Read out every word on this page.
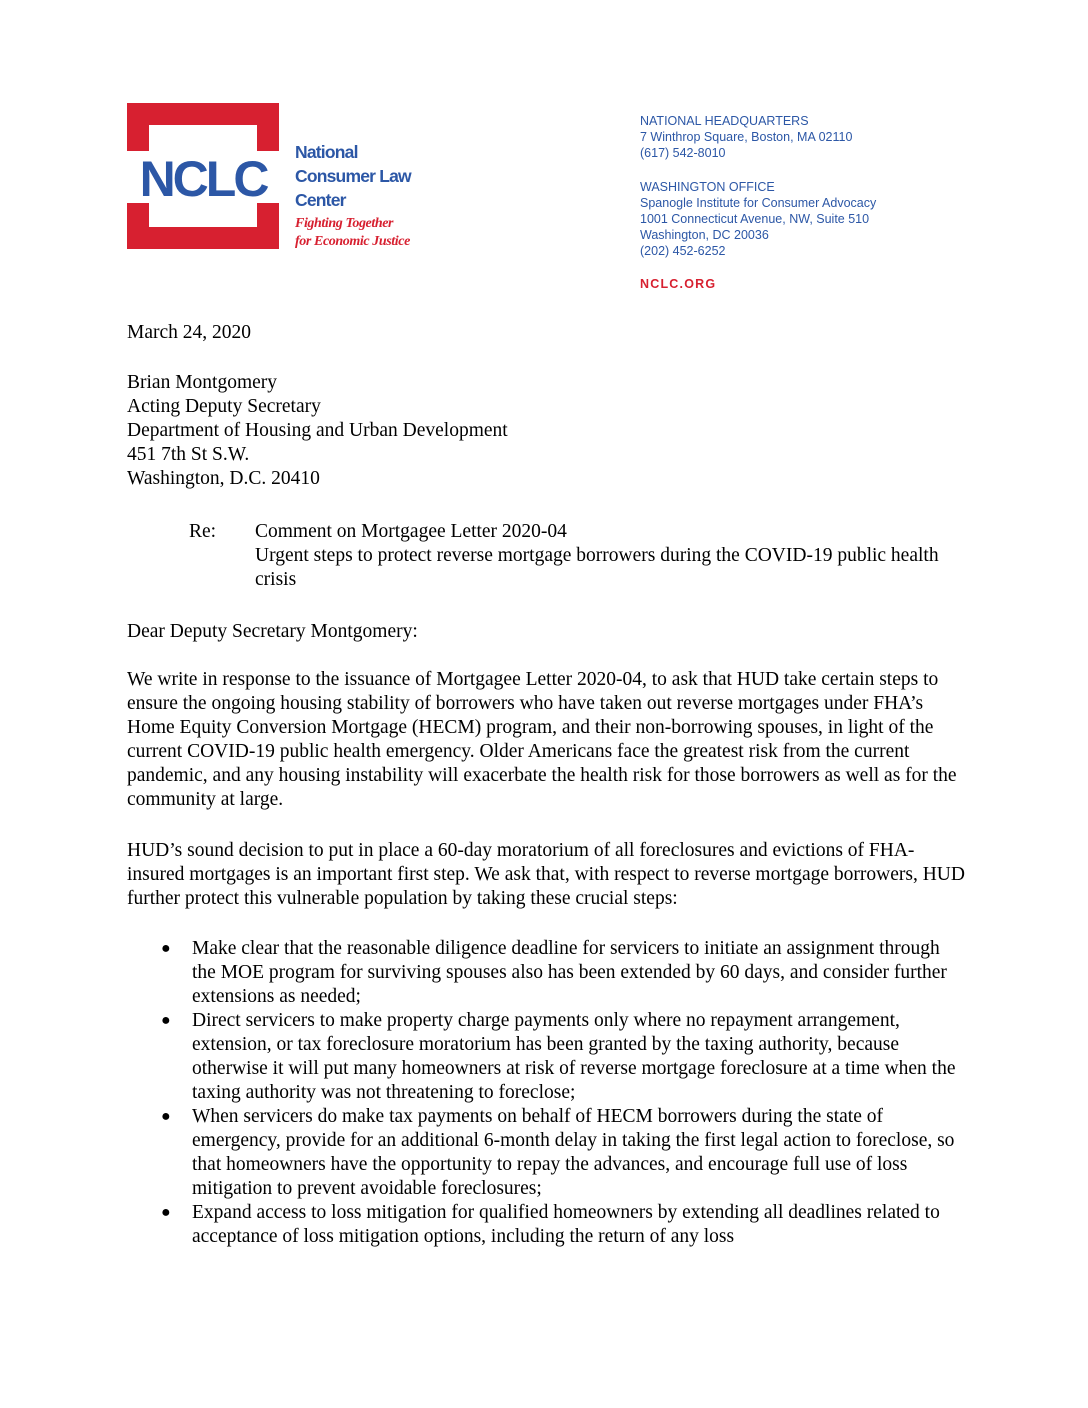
NCLC National
Consumer Law
Center
Fighting Together
for Economic Justice
NATIONAL HEADQUARTERS
7 Winthrop Square, Boston, MA 02110
(617) 542-8010
WASHINGTON OFFICE
Spanogle Institute for Consumer Advocacy
1001 Connecticut Avenue, NW, Suite 510
Washington, DC 20036
(202) 452-6252
NCLC.ORG
March 24, 2020
Brian Montgomery
Acting Deputy Secretary
Department of Housing and Urban Development
451 7th St S.W.
Washington, D.C. 20410
Re: Comment on Mortgagee Letter 2020-04
Urgent steps to protect reverse mortgage borrowers during the COVID-19 public health crisis
Dear Deputy Secretary Montgomery:

We write in response to the issuance of Mortgagee Letter 2020-04, to ask that HUD take certain steps to ensure the ongoing housing stability of borrowers who have taken out reverse mortgages under FHA’s Home Equity Conversion Mortgage (HECM) program, and their non-borrowing spouses, in light of the current COVID-19 public health emergency. Older Americans face the greatest risk from the current pandemic, and any housing instability will exacerbate the health risk for those borrowers as well as for the community at large.

HUD’s sound decision to put in place a 60-day moratorium of all foreclosures and evictions of FHA-insured mortgages is an important first step. We ask that, with respect to reverse mortgage borrowers, HUD further protect this vulnerable population by taking these crucial steps:

● Make clear that the reasonable diligence deadline for servicers to initiate an assignment through the MOE program for surviving spouses also has been extended by 60 days, and consider further extensions as needed;
● Direct servicers to make property charge payments only where no repayment arrangement, extension, or tax foreclosure moratorium has been granted by the taxing authority, because otherwise it will put many homeowners at risk of reverse mortgage foreclosure at a time when the taxing authority was not threatening to foreclose;
● When servicers do make tax payments on behalf of HECM borrowers during the state of emergency, provide for an additional 6-month delay in taking the first legal action to foreclose, so that homeowners have the opportunity to repay the advances, and encourage full use of loss mitigation to prevent avoidable foreclosures;
● Expand access to loss mitigation for qualified homeowners by extending all deadlines related to acceptance of loss mitigation options, including the return of any loss
